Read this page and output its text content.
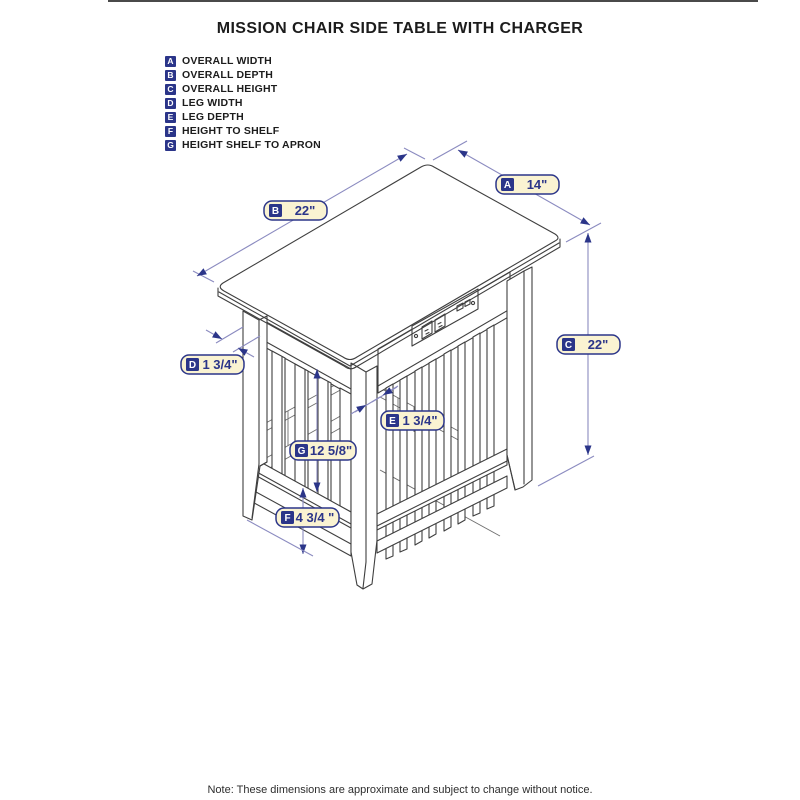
MISSION CHAIR SIDE TABLE WITH CHARGER
A OVERALL WIDTH
B OVERALL DEPTH
C OVERALL HEIGHT
D LEG WIDTH
E LEG DEPTH
F HEIGHT TO SHELF
G HEIGHT SHELF TO APRON
B 22"
A 14"
C 22"
D 1 3/4"
E 1 3/4"
G 12 5/8"
F 4 3/4 "
Note: These dimensions are approximate and subject to change without notice.
